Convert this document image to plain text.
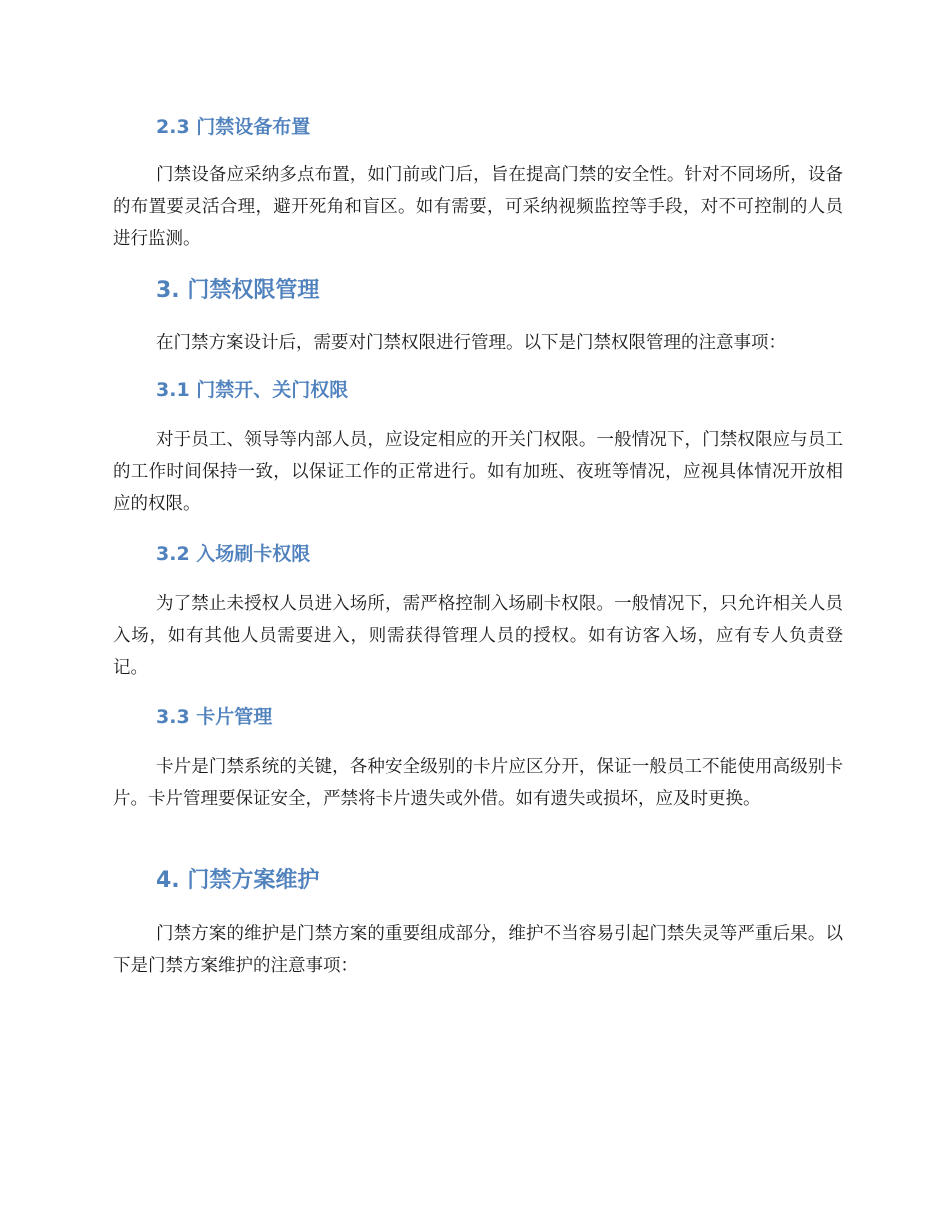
2.3 门禁设备布置

门禁设备应采纳多点布置，如门前或门后，旨在提高门禁的安全性。针对不同场所，设备的布置要灵活合理，避开死角和盲区。如有需要，可采纳视频监控等手段，对不可控制的人员进行监测。

3. 门禁权限管理

在门禁方案设计后，需要对门禁权限进行管理。以下是门禁权限管理的注意事项：

3.1 门禁开、关门权限

对于员工、领导等内部人员，应设定相应的开关门权限。一般情况下，门禁权限应与员工的工作时间保持一致，以保证工作的正常进行。如有加班、夜班等情况，应视具体情况开放相应的权限。

3.2 入场刷卡权限

为了禁止未授权人员进入场所，需严格控制入场刷卡权限。一般情况下，只允许相关人员入场，如有其他人员需要进入，则需获得管理人员的授权。如有访客入场，应有专人负责登记。

3.3 卡片管理

卡片是门禁系统的关键，各种安全级别的卡片应区分开，保证一般员工不能使用高级别卡片。卡片管理要保证安全，严禁将卡片遗失或外借。如有遗失或损坏，应及时更换。

4. 门禁方案维护

门禁方案的维护是门禁方案的重要组成部分，维护不当容易引起门禁失灵等严重后果。以下是门禁方案维护的注意事项：
